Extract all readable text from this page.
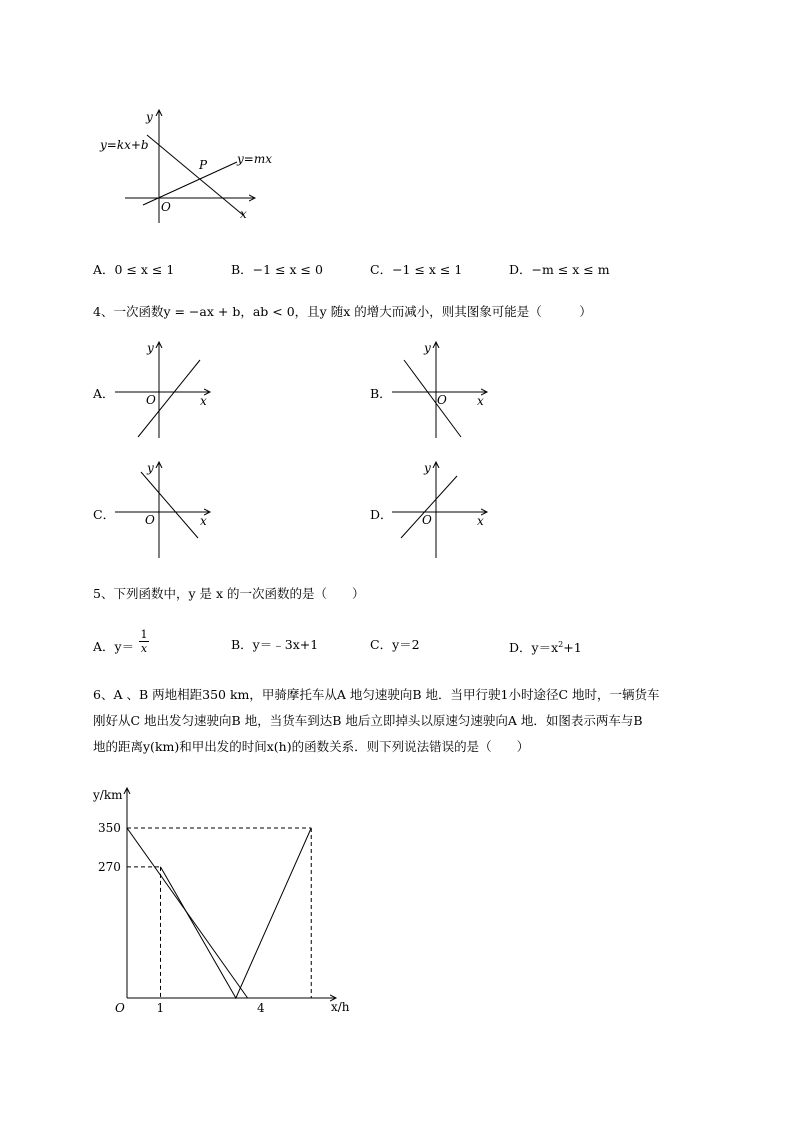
y
x
O
P
y=kx+b
y=mx
A．0 ≤ x ≤ 1	B．−1 ≤ x ≤ 0	C．−1 ≤ x ≤ 1	D．−m ≤ x ≤ m
4、一次函数y = −ax + b，ab < 0，且y 随x 的增大而减小，则其图象可能是（　　　）
A．
y
x
O	B．
y
x
O
C．
y
x
O	D．
y
x
O
5、下列函数中，y 是 x 的一次函数的是（　　）
A．y＝
1
x	B．y＝﹣3x+1	C．y＝2	D．$y=x^2+1$
6、A 、B 两地相距350 km，甲骑摩托车从A 地匀速驶向B 地．当甲行驶1小时途径C 地时，一辆货车
刚好从C 地出发匀速驶向B 地，当货车到达B 地后立即掉头以原速匀速驶向A 地．如图表示两车与B
地的距离y(km)和甲出发的时间x(h)的函数关系．则下列说法错误的是（　　）
y/km
x/h
O
350
270
1	4
